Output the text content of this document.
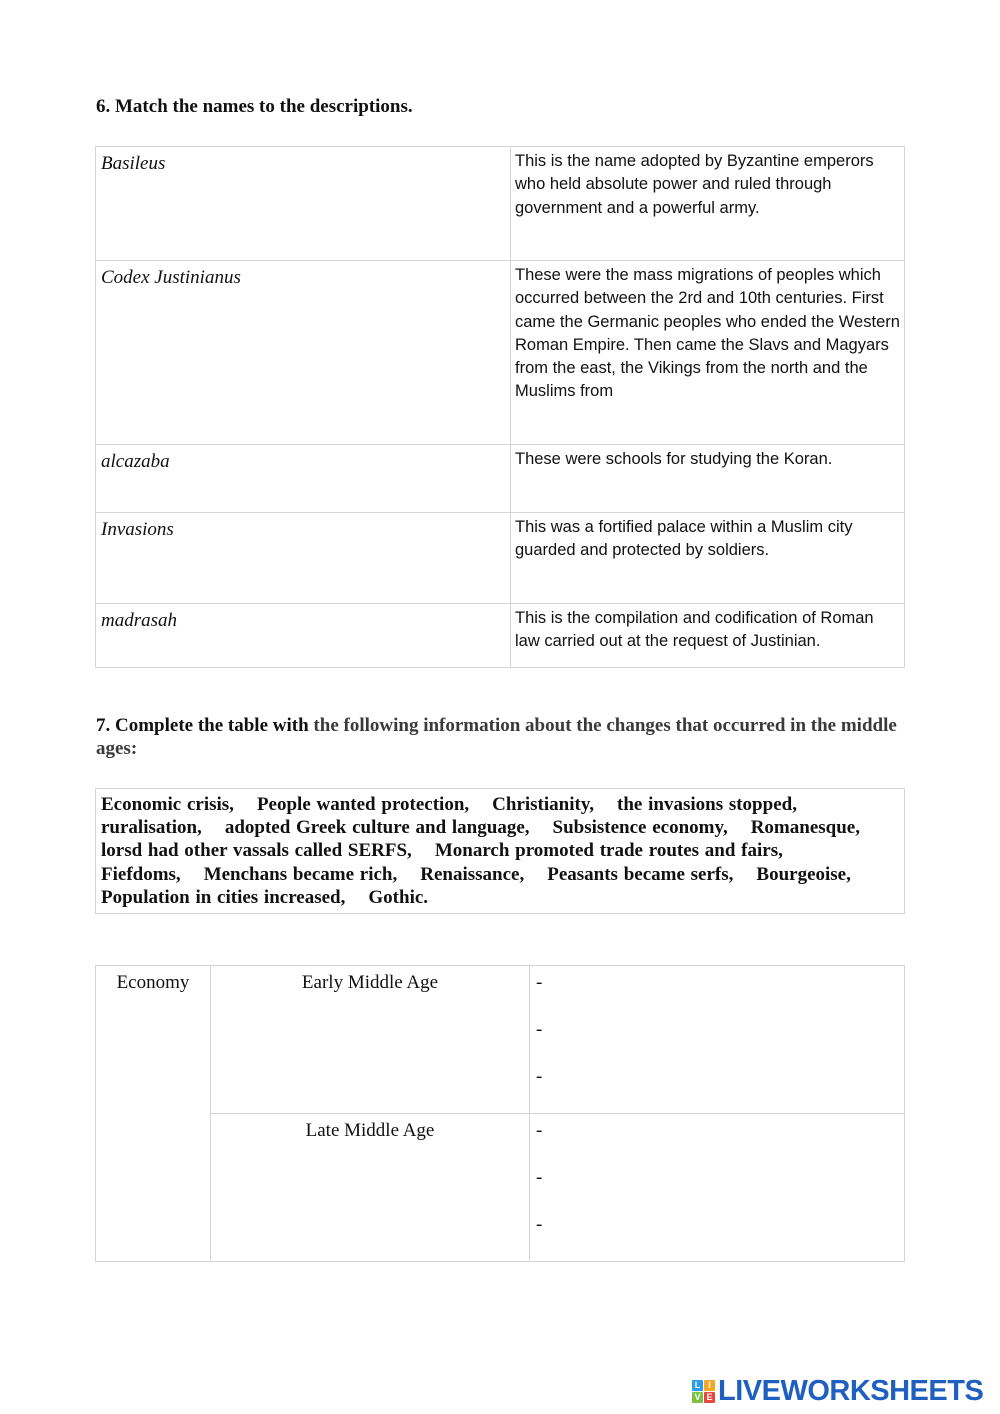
6. Match the names to the descriptions.
Basileus	This is the name adopted by Byzantine emperors who held absolute power and ruled through government and a powerful army.
Codex Justinianus	These were the mass migrations of peoples which occurred between the 2rd and 10th centuries. First came the Germanic peoples who ended the Western Roman Empire. Then came the Slavs and Magyars from the east, the Vikings from the north and the Muslims from
alcazaba	These were schools for studying the Koran.
Invasions	This was a fortified palace within a Muslim city guarded and protected by soldiers.
madrasah	This is the compilation and codification of Roman law carried out at the request of Justinian.
7. Complete the table with the following information about the changes that occurred in the middle ages:
Economic crisis, People wanted protection, Christianity, the invasions stopped,    ruralisation, adopted Greek culture and language, Subsistence economy, Romanesque,    lorsd had other vassals called SERFS, Monarch promoted trade routes and fairs,    Fiefdoms, Menchans became rich, Renaissance, Peasants became serfs, Bourgeoise,    Population in cities increased, Gothic.
Economy	Early Middle Age	-
-
-

	Late Middle Age	-
-
-
L I
V E LIVEWORKSHEETS
